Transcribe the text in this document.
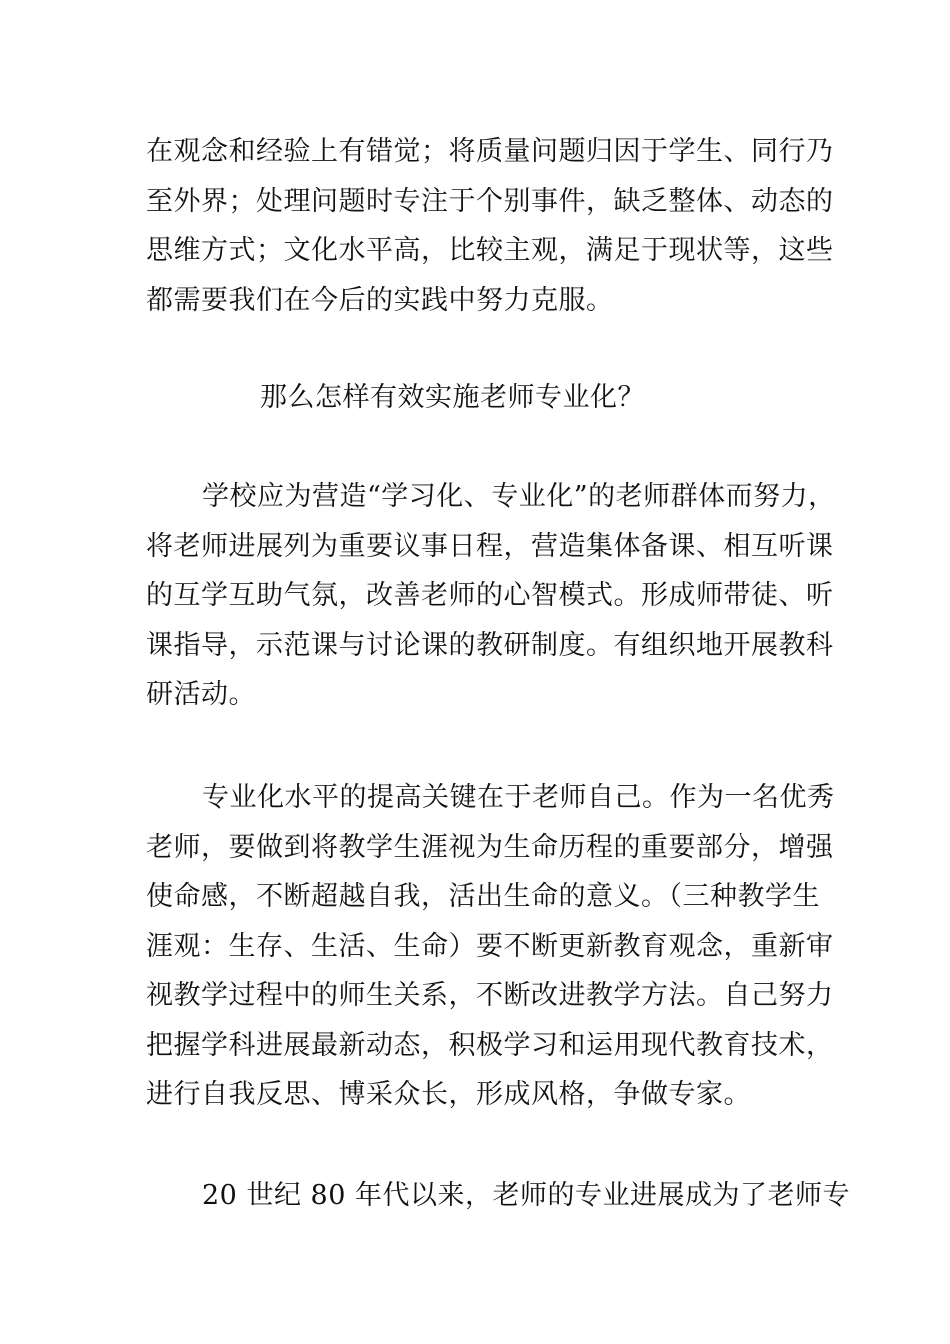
在观念和经验上有错觉；将质量问题归因于学生、同行乃
至外界；处理问题时专注于个别事件，缺乏整体、动态的
思维方式；文化水平高，比较主观，满足于现状等，这些
都需要我们在今后的实践中努力克服。
那么怎样有效实施老师专业化？
学校应为营造“学习化、专业化”的老师群体而努力，
将老师进展列为重要议事日程，营造集体备课、相互听课
的互学互助气氛，改善老师的心智模式。形成师带徒、听
课指导，示范课与讨论课的教研制度。有组织地开展教科
研活动。
专业化水平的提高关键在于老师自己。作为一名优秀
老师，要做到将教学生涯视为生命历程的重要部分，增强
使命感，不断超越自我，活出生命的意义。（三种教学生
涯观：生存、生活、生命）要不断更新教育观念，重新审
视教学过程中的师生关系，不断改进教学方法。自己努力
把握学科进展最新动态，积极学习和运用现代教育技术，
进行自我反思、博采众长，形成风格，争做专家。
20 世纪 80 年代以来，老师的专业进展成为了老师专
